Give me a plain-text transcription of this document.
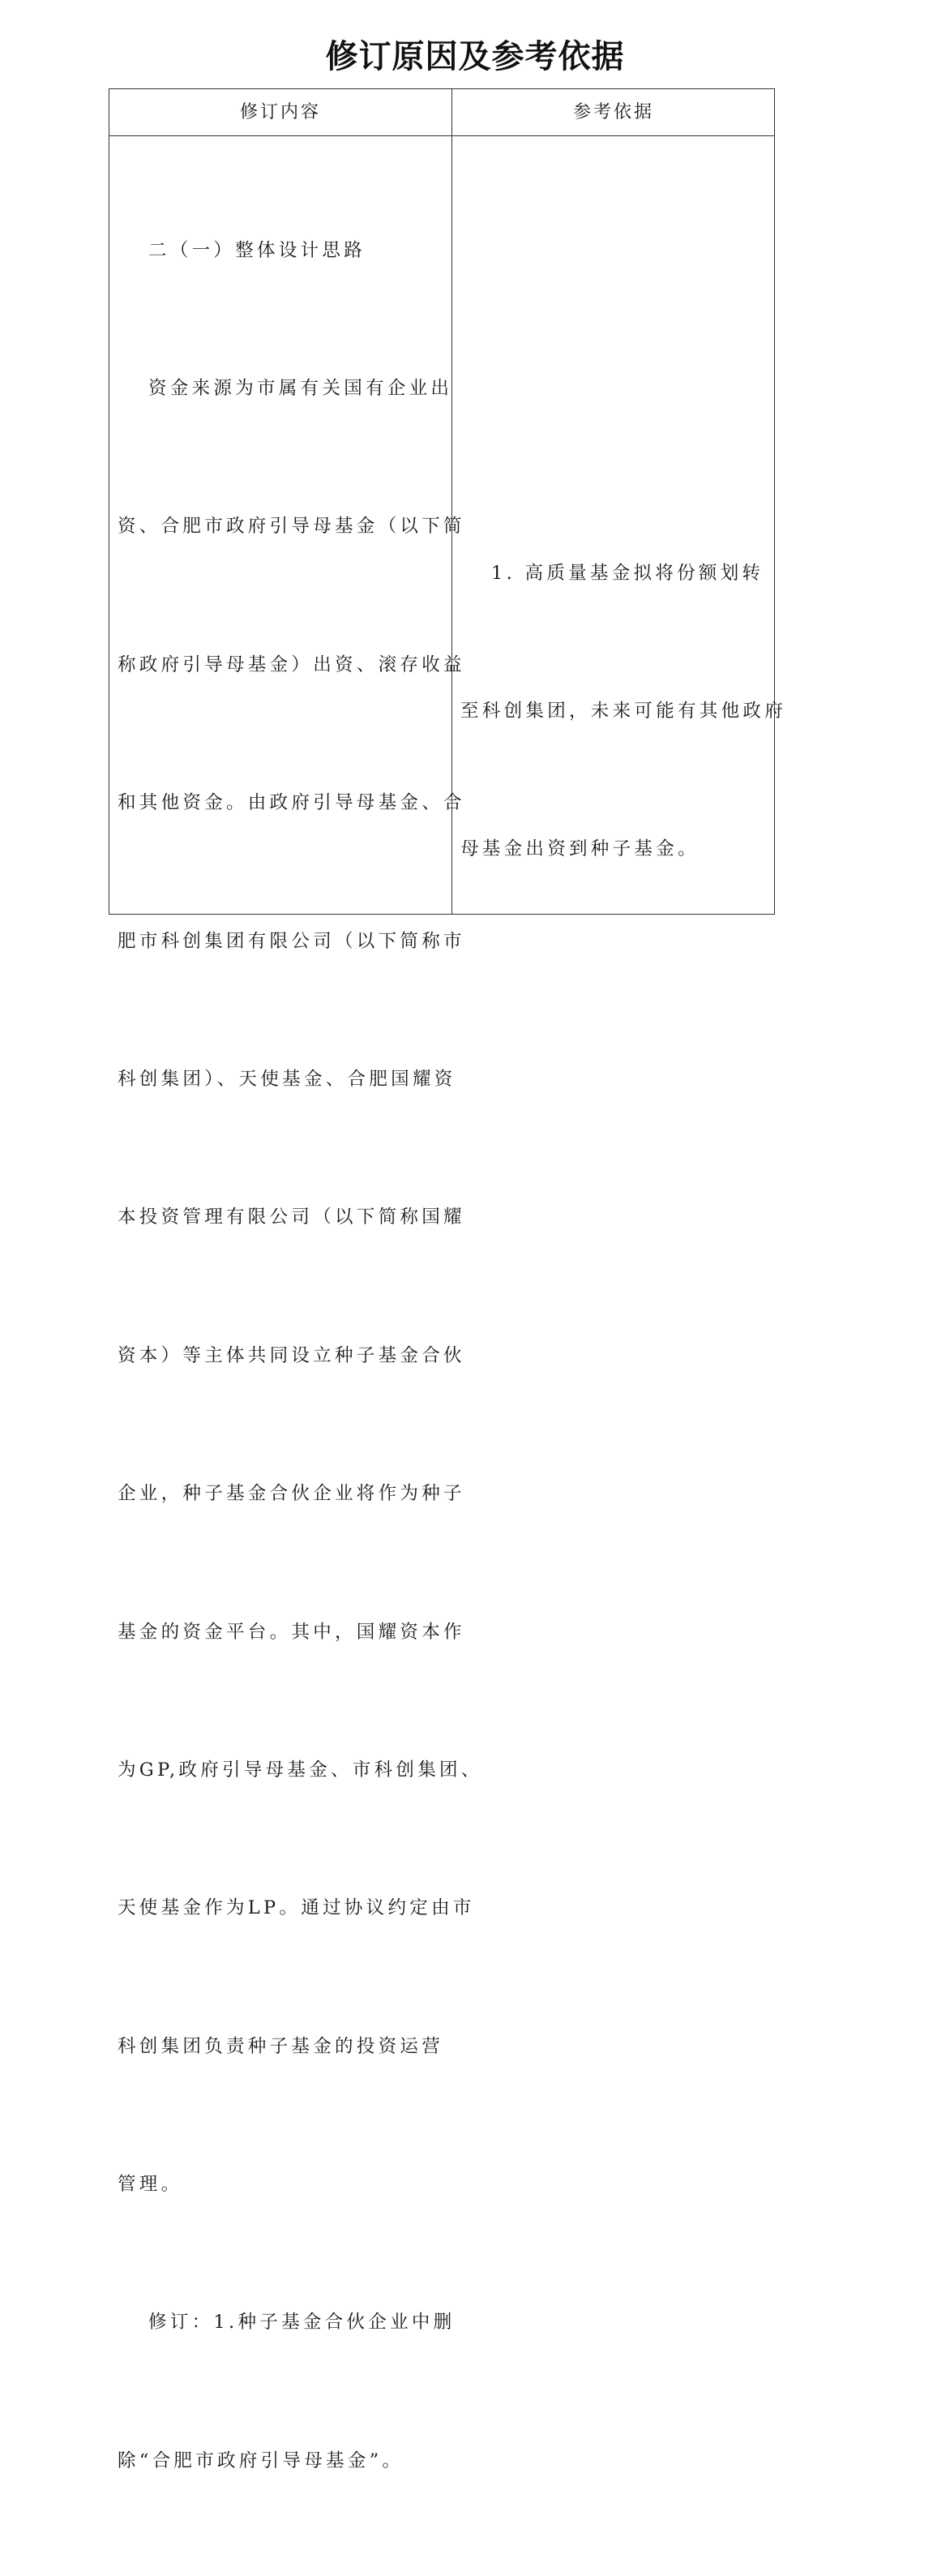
修订原因及参考依据
修订内容	参考依据

二（一）整体设计思路

资金来源为市属有关国有企业出

资、合肥市政府引导母基金（以下简

称政府引导母基金）出资、滚存收益

和其他资金。由政府引导母基金、合

肥市科创集团有限公司（以下简称市

科创集团）、天使基金、合肥国耀资

本投资管理有限公司（以下简称国耀

资本）等主体共同设立种子基金合伙

企业，种子基金合伙企业将作为种子

基金的资金平台。其中，国耀资本作

为GP,政府引导母基金、市科创集团、

天使基金作为LP。通过协议约定由市

科创集团负责种子基金的投资运营

管理。

修订：1.种子基金合伙企业中删

除“合肥市政府引导母基金”。

1. 高质量基金拟将份额划转

至科创集团，未来可能有其他政府

母基金出资到种子基金。
